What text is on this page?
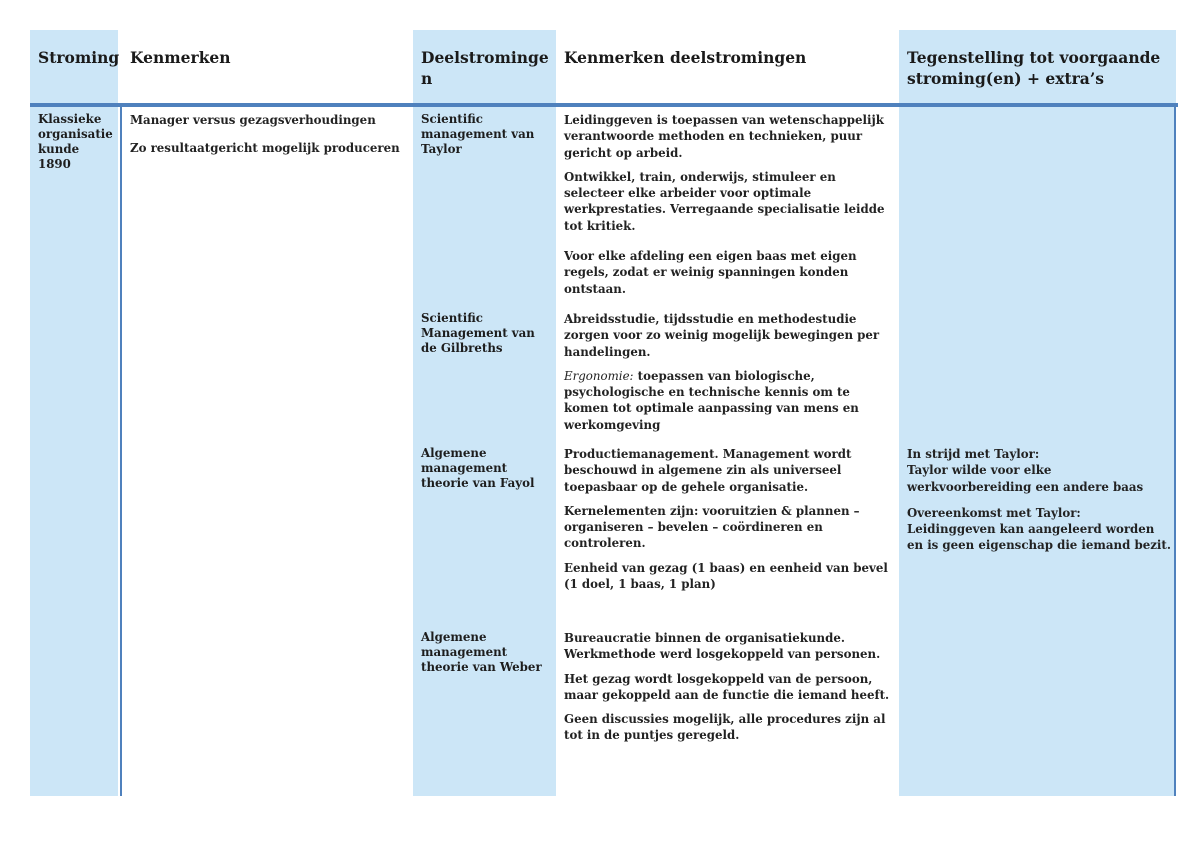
Stroming Kenmerken	Deelstrominge
n
Kenmerken deelstromingen	Tegenstelling tot voorgaande stroming(en) + extra’s
Klassieke
organisatie
kunde
1890

Manager versus gezagsverhoudingen

Zo resultaatgericht mogelijk produceren

Scientific
management van
Taylor

Leidinggeven is toepassen van wetenschappelijk verantwoorde methoden en technieken, puur gericht op arbeid.

Ontwikkel, train, onderwijs, stimuleer en selecteer elke arbeider voor optimale werkprestaties. Verregaande specialisatie leidde tot kritiek.

Voor elke afdeling een eigen baas met eigen regels, zodat er weinig spanningen konden ontstaan.

Scientific
Management van
de Gilbreths

Abreidsstudie, tijdsstudie en methodestudie zorgen voor zo weinig mogelijk bewegingen per handelingen.

Ergonomie: toepassen van biologische, psychologische en technische kennis om te komen tot optimale aanpassing van mens en werkomgeving

Algemene
management
theorie van Fayol

Productiemanagement. Management wordt beschouwd in algemene zin als universeel toepasbaar op de gehele organisatie.

Kernelementen zijn: vooruitzien & plannen – organiseren – bevelen – coördineren en controleren.

Eenheid van gezag (1 baas) en eenheid van bevel (1 doel, 1 baas, 1 plan)

In strijd met Taylor:
Taylor wilde voor elke werkvoorbereiding een andere baas

Overeenkomst met Taylor:
Leidinggeven kan aangeleerd worden en is geen eigenschap die iemand bezit.

Algemene
management
theorie van Weber

Bureaucratie binnen de organisatiekunde. Werkmethode werd losgekoppeld van personen.

Het gezag wordt losgekoppeld van de persoon, maar gekoppeld aan de functie die iemand heeft.

Geen discussies mogelijk, alle procedures zijn al tot in de puntjes geregeld.
